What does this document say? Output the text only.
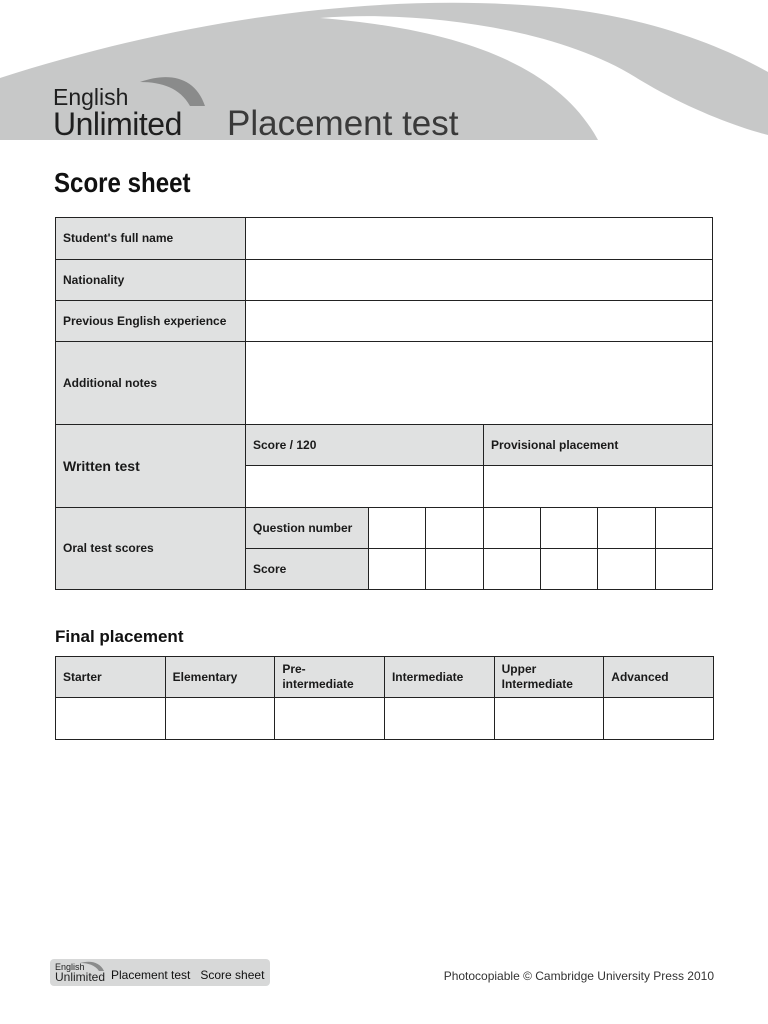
English
Unlimited Placement test
Score sheet
Student's full name	
Nationality	
Previous English experience	
Additional notes	
Written test	Score / 120	Provisional placement

Oral test scores	Question number						
	Score						
Final placement
Starter	Elementary	Pre-intermediate	Intermediate	Upper Intermediate	Advanced

English
Unlimited Placement test   Score sheet	Photocopiable © Cambridge University Press 2010
